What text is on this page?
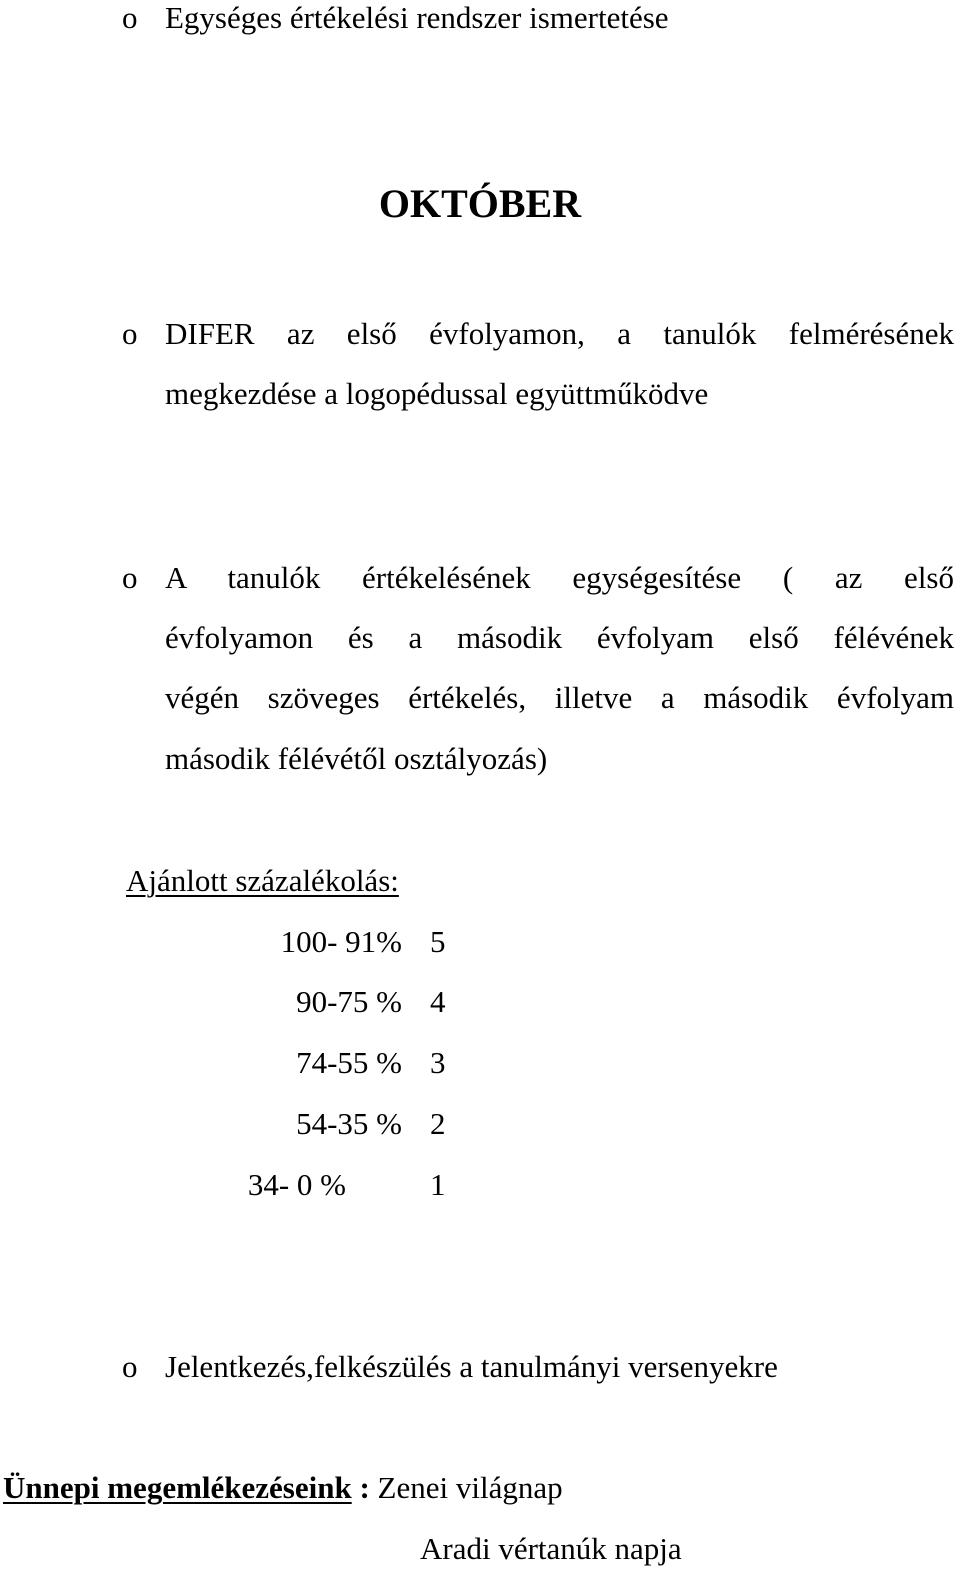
o Egységes értékelési rendszer ismertetése
OKTÓBER
o DIFER az első évfolyamon, a tanulók felmérésének
megkezdése a logopédussal együttműködve
o A tanulók értékelésének egységesítése ( az első
évfolyamon és a második évfolyam első félévének
végén szöveges értékelés, illetve a második évfolyam
második félévétől osztályozás)
Ajánlott százalékolás:
100- 91% 5
90-75 % 4
74-55 % 3
54-35 % 2
34- 0 %	1
o Jelentkezés,felkészülés a tanulmányi versenyekre
Ünnepi megemlékezéseink : Zenei világnap
Aradi vértanúk napja
